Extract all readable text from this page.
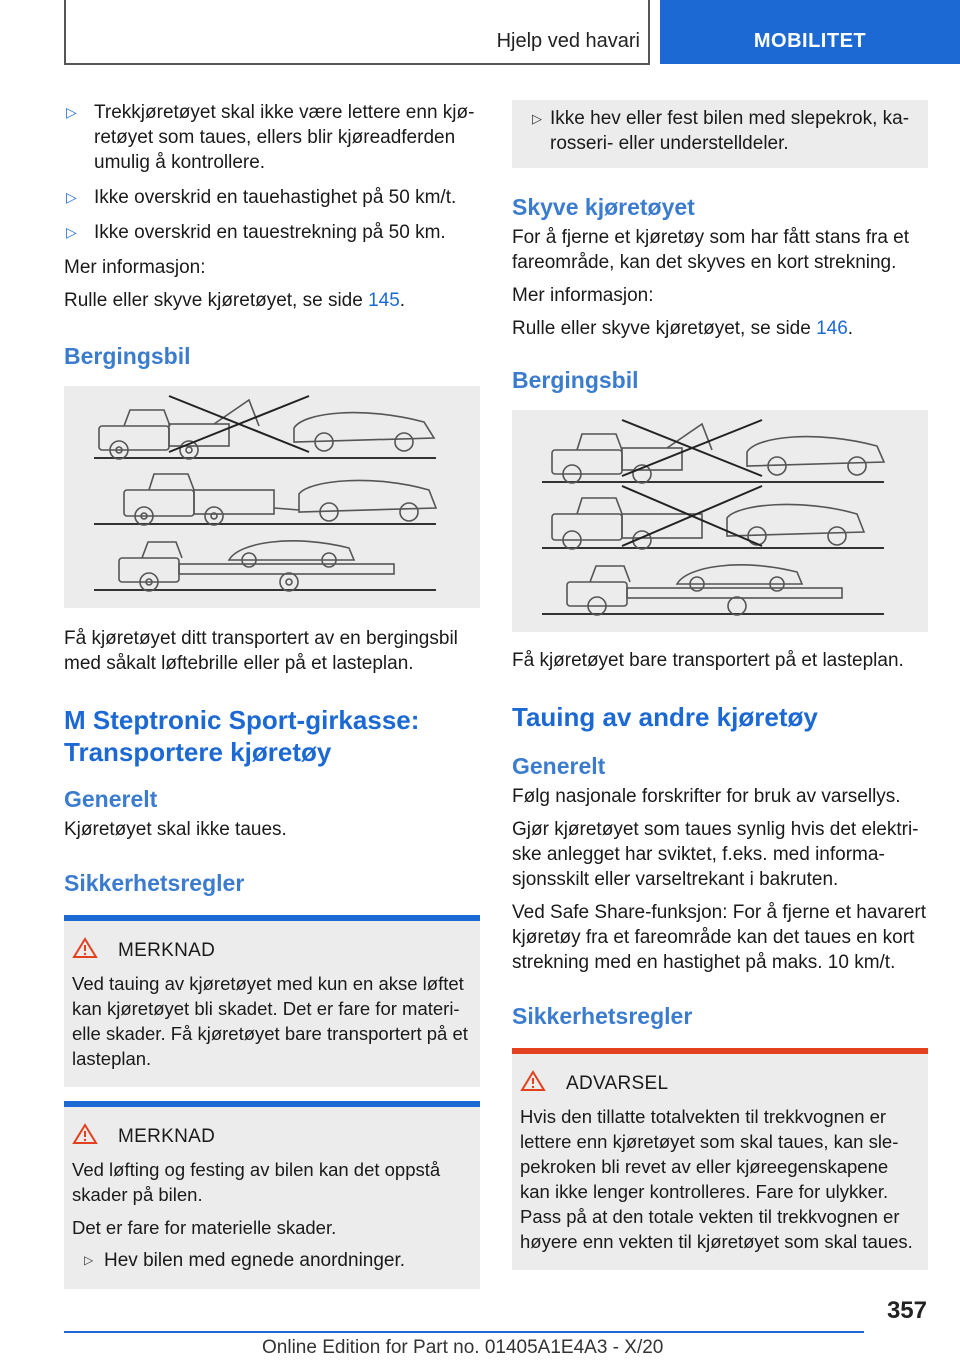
Hjelp ved havari	MOBILITET
▷ Trekkjøretøyet skal ikke være lettere enn kjø-retøyet som taues, ellers blir kjøreadferden umulig å kontrollere.
▷ Ikke overskrid en tauehastighet på 50 km/t.
▷ Ikke overskrid en tauestrekning på 50 km.
Mer informasjon:
Rulle eller skyve kjøretøyet, se side 145.
Bergingsbil
Få kjøretøyet ditt transportert av en bergingsbil med såkalt løftebrille eller på et lasteplan.
M Steptronic Sport-girkasse: Transportere kjøretøy
Generelt
Kjøretøyet skal ikke taues.
Sikkerhetsregler
MERKNAD
Ved tauing av kjøretøyet med kun en akse løftet kan kjøretøyet bli skadet. Det er fare for materi-elle skader. Få kjøretøyet bare transportert på et lasteplan.
MERKNAD
Ved løfting og festing av bilen kan det oppstå skader på bilen.
Det er fare for materielle skader.
▷ Hev bilen med egnede anordninger.
▷ Ikke hev eller fest bilen med slepekrok, ka-rosseri- eller understelldeler.
Skyve kjøretøyet
For å fjerne et kjøretøy som har fått stans fra et fareområde, kan det skyves en kort strekning.
Mer informasjon:
Rulle eller skyve kjøretøyet, se side 146.
Bergingsbil
Få kjøretøyet bare transportert på et lasteplan.
Tauing av andre kjøretøy
Generelt
Følg nasjonale forskrifter for bruk av varsellys.
Gjør kjøretøyet som taues synlig hvis det elektri-ske anlegget har sviktet, f.eks. med informa-sjonsskilt eller varseltrekant i bakruten.
Ved Safe Share-funksjon: For å fjerne et havarert kjøretøy fra et fareområde kan det taues en kort strekning med en hastighet på maks. 10 km/t.
Sikkerhetsregler
ADVARSEL
Hvis den tillatte totalvekten til trekkvognen er lettere enn kjøretøyet som skal taues, kan sle-pekroken bli revet av eller kjøreegenskapene kan ikke lenger kontrolleres. Fare for ulykker. Pass på at den totale vekten til trekkvognen er høyere enn vekten til kjøretøyet som skal taues.
357
Online Edition for Part no. 01405A1E4A3 - X/20
